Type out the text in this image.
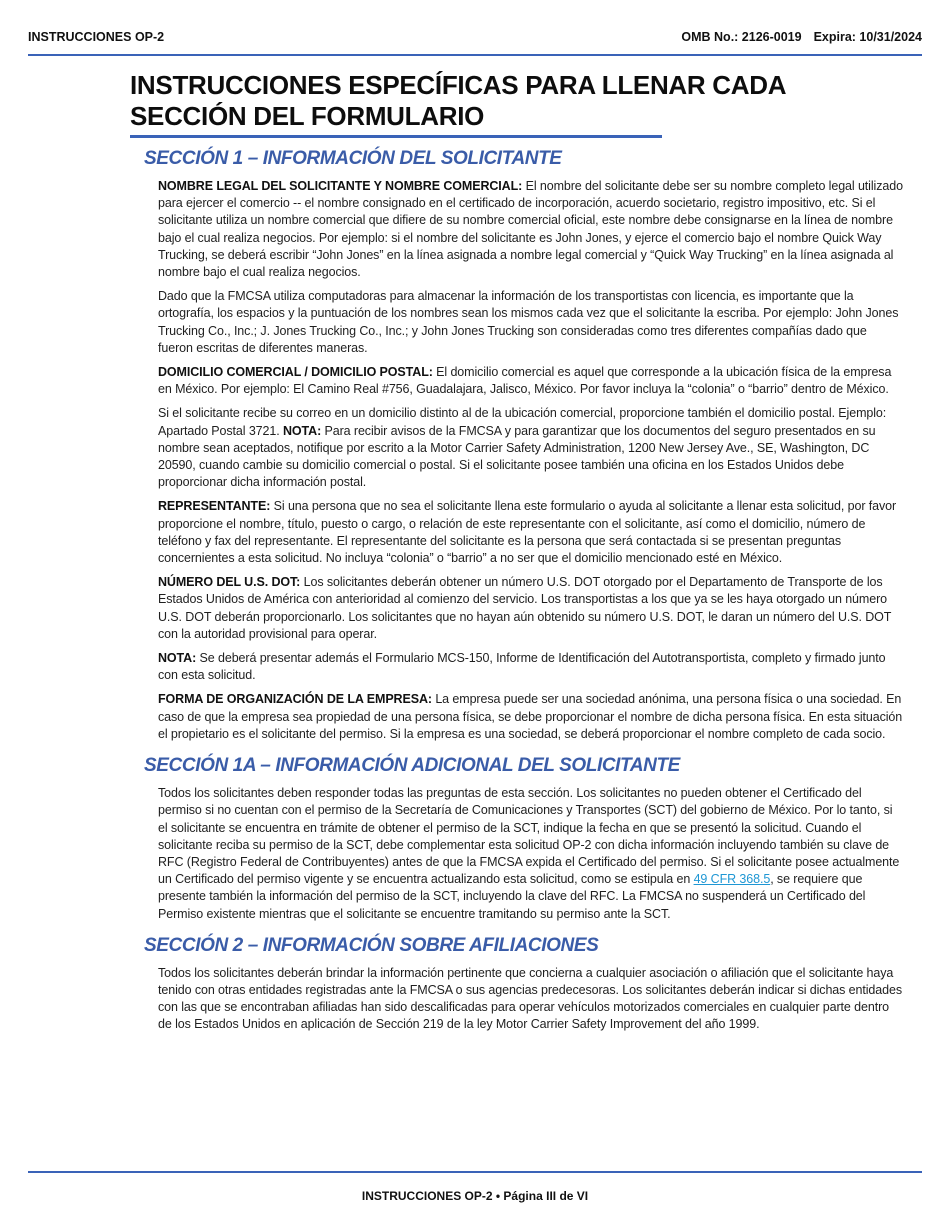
INSTRUCCIONES OP-2	OMB No.: 2126-0019 Expira: 10/31/2024
INSTRUCCIONES ESPECÍFICAS PARA LLENAR CADA SECCIÓN DEL FORMULARIO
SECCIÓN 1 – INFORMACIÓN DEL SOLICITANTE

NOMBRE LEGAL DEL SOLICITANTE Y NOMBRE COMERCIAL: El nombre del solicitante debe ser su nombre completo legal utilizado para ejercer el comercio -- el nombre consignado en el certificado de incorporación, acuerdo societario, registro impositivo, etc. Si el solicitante utiliza un nombre comercial que difiere de su nombre comercial oficial, este nombre debe consignarse en la línea de nombre bajo el cual realiza negocios. Por ejemplo: si el nombre del solicitante es John Jones, y ejerce el comercio bajo el nombre Quick Way Trucking, se deberá escribir “John Jones” en la línea asignada a nombre legal comercial y “Quick Way Trucking” en la línea asignada al nombre bajo el cual realiza negocios.

Dado que la FMCSA utiliza computadoras para almacenar la información de los transportistas con licencia, es importante que la ortografía, los espacios y la puntuación de los nombres sean los mismos cada vez que el solicitante la escriba. Por ejemplo: John Jones Trucking Co., Inc.; J. Jones Trucking Co., Inc.; y John Jones Trucking son consideradas como tres diferentes compañías dado que fueron escritas de diferentes maneras.

DOMICILIO COMERCIAL / DOMICILIO POSTAL: El domicilio comercial es aquel que corresponde a la ubicación física de la empresa en México. Por ejemplo: El Camino Real #756, Guadalajara, Jalisco, México. Por favor incluya la “colonia” o “barrio” dentro de México.

Si el solicitante recibe su correo en un domicilio distinto al de la ubicación comercial, proporcione también el domicilio postal. Ejemplo: Apartado Postal 3721. NOTA: Para recibir avisos de la FMCSA y para garantizar que los documentos del seguro presentados en su nombre sean aceptados, notifique por escrito a la Motor Carrier Safety Administration, 1200 New Jersey Ave., SE, Washington, DC 20590, cuando cambie su domicilio comercial o postal. Si el solicitante posee también una oficina en los Estados Unidos debe proporcionar dicha información postal.

REPRESENTANTE: Si una persona que no sea el solicitante llena este formulario o ayuda al solicitante a llenar esta solicitud, por favor proporcione el nombre, título, puesto o cargo, o relación de este representante con el solicitante, así como el domicilio, número de teléfono y fax del representante. El representante del solicitante es la persona que será contactada si se presentan preguntas concernientes a esta solicitud. No incluya “colonia” o “barrio” a no ser que el domicilio mencionado esté en México.

NÚMERO DEL U.S. DOT: Los solicitantes deberán obtener un número U.S. DOT otorgado por el Departamento de Transporte de los Estados Unidos de América con anterioridad al comienzo del servicio. Los transportistas a los que ya se les haya otorgado un número U.S. DOT deberán proporcionarlo. Los solicitantes que no hayan aún obtenido su número U.S. DOT, le daran un número del U.S. DOT con la autoridad provisional para operar.

NOTA: Se deberá presentar además el Formulario MCS-150, Informe de Identificación del Autotransportista, completo y firmado junto con esta solicitud.

FORMA DE ORGANIZACIÓN DE LA EMPRESA: La empresa puede ser una sociedad anónima, una persona física o una sociedad. En caso de que la empresa sea propiedad de una persona física, se debe proporcionar el nombre de dicha persona física. En esta situación el propietario es el solicitante del permiso. Si la empresa es una sociedad, se deberá proporcionar el nombre completo de cada socio.

SECCIÓN 1A – INFORMACIÓN ADICIONAL DEL SOLICITANTE

Todos los solicitantes deben responder todas las preguntas de esta sección. Los solicitantes no pueden obtener el Certificado del permiso si no cuentan con el permiso de la Secretaría de Comunicaciones y Transportes (SCT) del gobierno de México. Por lo tanto, si el solicitante se encuentra en trámite de obtener el permiso de la SCT, indique la fecha en que se presentó la solicitud. Cuando el solicitante reciba su permiso de la SCT, debe complementar esta solicitud OP-2 con dicha información incluyendo también su clave de RFC (Registro Federal de Contribuyentes) antes de que la FMCSA expida el Certificado del permiso. Si el solicitante posee actualmente un Certificado del permiso vigente y se encuentra actualizando esta solicitud, como se estipula en 49 CFR 368.5, se requiere que presente también la información del permiso de la SCT, incluyendo la clave del RFC. La FMCSA no suspenderá un Certificado del Permiso existente mientras que el solicitante se encuentre tramitando su permiso ante la SCT.

SECCIÓN 2 – INFORMACIÓN SOBRE AFILIACIONES

Todos los solicitantes deberán brindar la información pertinente que concierna a cualquier asociación o afiliación que el solicitante haya tenido con otras entidades registradas ante la FMCSA o sus agencias predecesoras. Los solicitantes deberán indicar si dichas entidades con las que se encontraban afiliadas han sido descalificadas para operar vehículos motorizados comerciales en cualquier parte dentro de los Estados Unidos en aplicación de Sección 219 de la ley Motor Carrier Safety Improvement del año 1999.

INSTRUCCIONES OP-2 • Página III de VI
